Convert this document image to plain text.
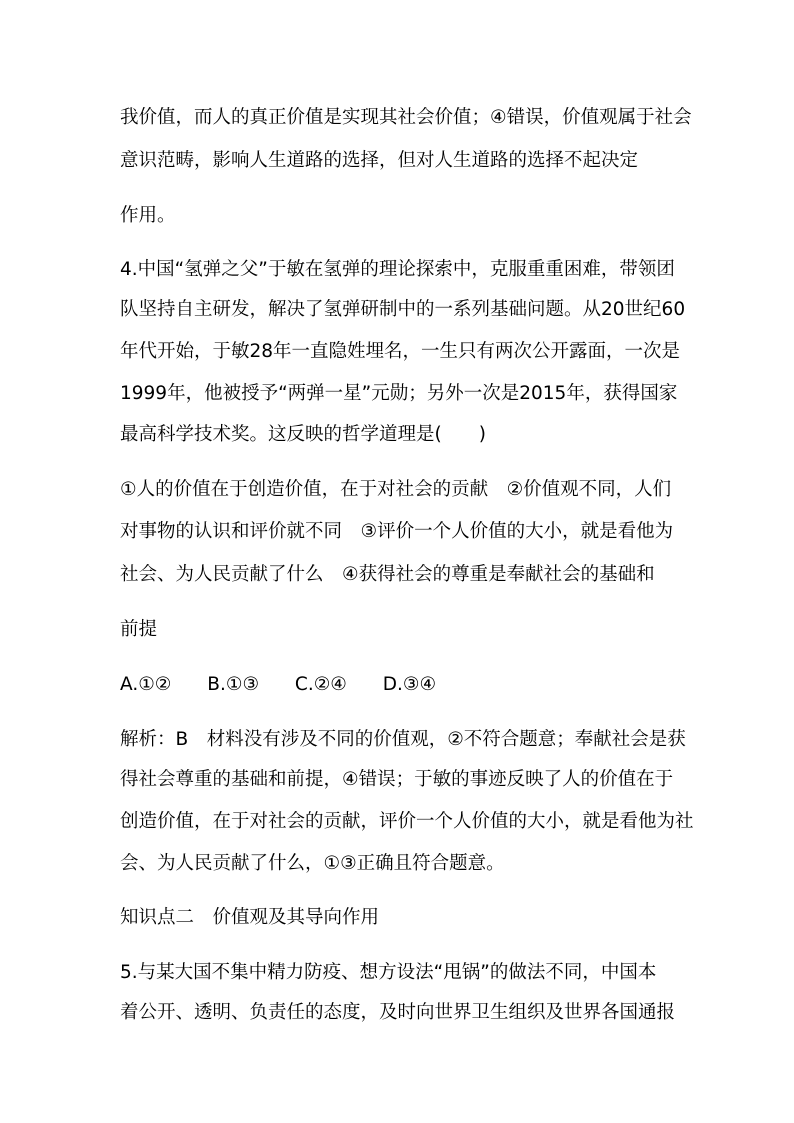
我价值，而人的真正价值是实现其社会价值；④错误，价值观属于社会

意识范畴，影响人生道路的选择，但对人生道路的选择不起决定

作用。

4.中国“氢弹之父”于敏在氢弹的理论探索中，克服重重困难，带领团

队坚持自主研发，解决了氢弹研制中的一系列基础问题。从20世纪60

年代开始，于敏28年一直隐姓埋名，一生只有两次公开露面，一次是

1999年，他被授予“两弹一星”元勋；另外一次是2015年，获得国家

最高科学技术奖。这反映的哲学道理是(　　)

①人的价值在于创造价值，在于对社会的贡献　②价值观不同，人们

对事物的认识和评价就不同　③评价一个人价值的大小，就是看他为

社会、为人民贡献了什么　④获得社会的尊重是奉献社会的基础和

前提

A.①② B.①③ C.②④ D.③④

解析：B　材料没有涉及不同的价值观，②不符合题意；奉献社会是获

得社会尊重的基础和前提，④错误；于敏的事迹反映了人的价值在于

创造价值，在于对社会的贡献，评价一个人价值的大小，就是看他为社

会、为人民贡献了什么，①③正确且符合题意。

知识点二　价值观及其导向作用

5.与某大国不集中精力防疫、想方设法“甩锅”的做法不同，中国本

着公开、透明、负责任的态度，及时向世界卫生组织及世界各国通报
